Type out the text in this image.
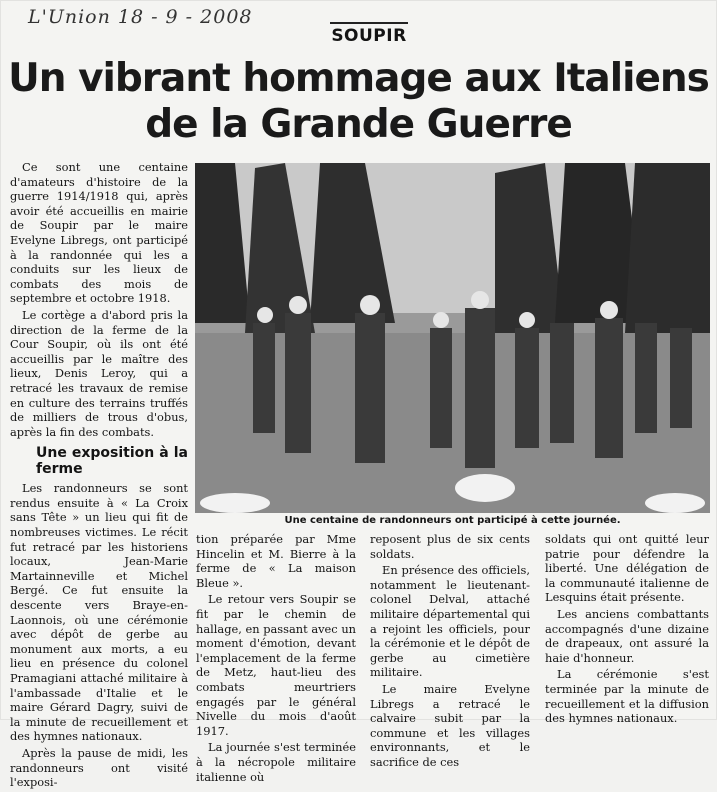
L'Union 18 - 9 - 2008
SOUPIR
Un vibrant hommage aux Italiens
de la Grande Guerre

Ce sont une centaine d'amateurs d'histoire de la guerre 1914/1918 qui, après avoir été accueillis en mairie de Soupir par le maire Evelyne Libregs, ont participé à la randonnée qui les a conduits sur les lieux de combats des mois de septembre et octobre 1918.

Le cortège a d'abord pris la direction de la ferme de la Cour Soupir, où ils ont été accueillis par le maître des lieux, Denis Leroy, qui a retracé les travaux de remise en culture des terrains truffés de milliers de trous d'obus, après la fin des combats.

Une exposition à la ferme

Les randonneurs se sont rendus ensuite à « La Croix sans Tête » un lieu qui fit de nombreuses victimes. Le récit fut retracé par les historiens locaux, Jean-Marie Martainneville et Michel Bergé. Ce fut ensuite la descente vers Braye-en-Laonnois, où une cérémonie avec dépôt de gerbe au monument aux morts, a eu lieu en présence du colonel Pramagiani attaché militaire à l'ambassade d'Italie et le maire Gérard Dagry, suivi de la minute de recueillement et des hymnes nationaux.

Après la pause de midi, les randonneurs ont visité l'exposi-

Une centaine de randonneurs ont participé à cette journée.

tion préparée par Mme Hincelin et M. Bierre à la ferme de « La maison Bleue ».

Le retour vers Soupir se fit par le chemin de hallage, en passant avec un moment d'émotion, devant l'emplacement de la ferme de Metz, haut-lieu des combats meurtriers engagés par le général Nivelle du mois d'août 1917.

La journée s'est terminée à la nécropole militaire italienne où

reposent plus de six cents soldats.

En présence des officiels, notamment le lieutenant-colonel Delval, attaché militaire départemental qui a rejoint les officiels, pour la cérémonie et le dépôt de gerbe au cimetière militaire.

Le maire Evelyne Libregs a retracé le calvaire subit par la commune et les villages environnants, et le sacrifice de ces

soldats qui ont quitté leur patrie pour défendre la liberté. Une délégation de la communauté italienne de Lesquins était présente.

Les anciens combattants accompagnés d'une dizaine de drapeaux, ont assuré la haie d'honneur.

La cérémonie s'est terminée par la minute de recueillement et la diffusion des hymnes nationaux.
